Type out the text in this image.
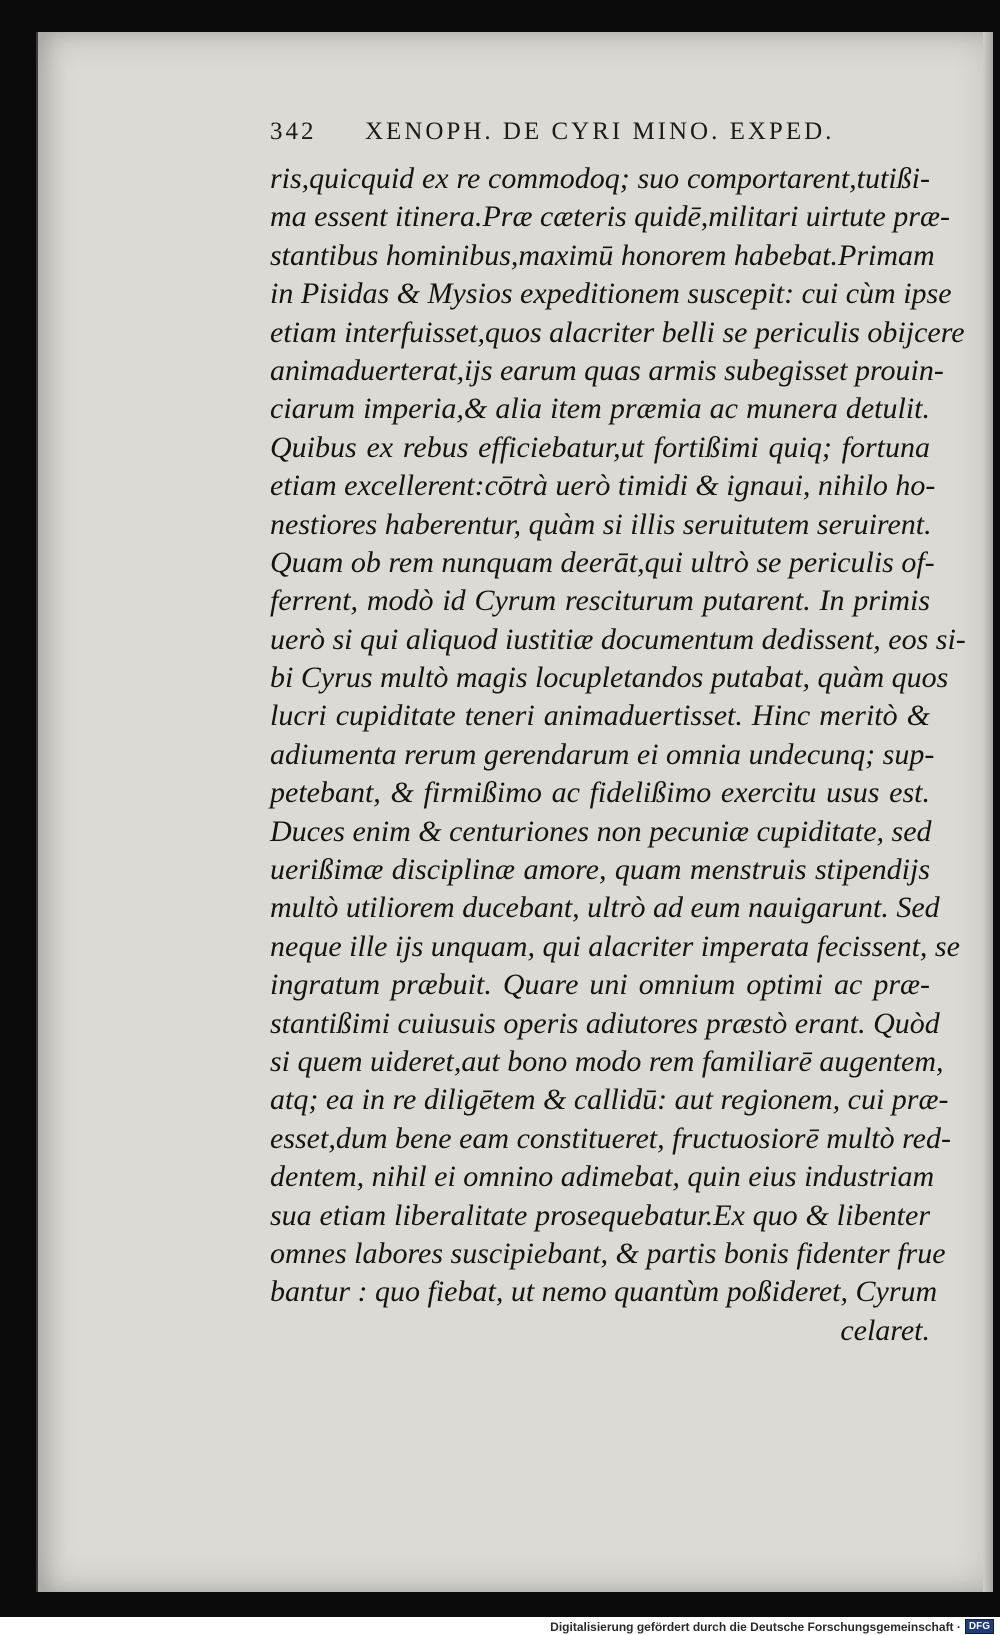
342 XENOPH. DE CYRI MINO. EXPED.
ris,quicquid ex re commodoq; suo comportarent,tutißi-
ma essent itinera.Præ cæteris quidē,militari uirtute præ-
stantibus hominibus,maximū honorem habebat.Primam
in Pisidas & Mysios expeditionem suscepit: cui cùm ipse
etiam interfuisset,quos alacriter belli se periculis obijcere
animaduerterat,ijs earum quas armis subegisset prouin-
ciarum imperia,& alia item præmia ac munera detulit.
Quibus ex rebus efficiebatur,ut fortißimi quiq; fortuna
etiam excellerent:cōtrà uerò timidi & ignaui, nihilo ho-
nestiores haberentur, quàm si illis seruitutem seruirent.
Quam ob rem nunquam deerāt,qui ultrò se periculis of-
ferrent, modò id Cyrum resciturum putarent. In primis
uerò si qui aliquod iustitiæ documentum dedissent, eos si-
bi Cyrus multò magis locupletandos putabat, quàm quos
lucri cupiditate teneri animaduertisset. Hinc meritò &
adiumenta rerum gerendarum ei omnia undecunq; sup-
petebant, & firmißimo ac fidelißimo exercitu usus est.
Duces enim & centuriones non pecuniæ cupiditate, sed
uerißimæ disciplinæ amore, quam menstruis stipendijs
multò utiliorem ducebant, ultrò ad eum nauigarunt. Sed
neque ille ijs unquam, qui alacriter imperata fecissent, se
ingratum præbuit. Quare uni omnium optimi ac præ-
stantißimi cuiusuis operis adiutores præstò erant. Quòd
si quem uideret,aut bono modo rem familiarē augentem,
atq; ea in re diligētem & callidū: aut regionem, cui præ-
esset,dum bene eam constitueret, fructuosiorē multò red-
dentem, nihil ei omnino adimebat, quin eius industriam
sua etiam liberalitate prosequebatur.Ex quo & libenter
omnes labores suscipiebant, & partis bonis fidenter frue
bantur : quo fiebat, ut nemo quantùm poßideret, Cyrum
celaret.
Digitalisierung gefördert durch die Deutsche Forschungsgemeinschaft · DFG
